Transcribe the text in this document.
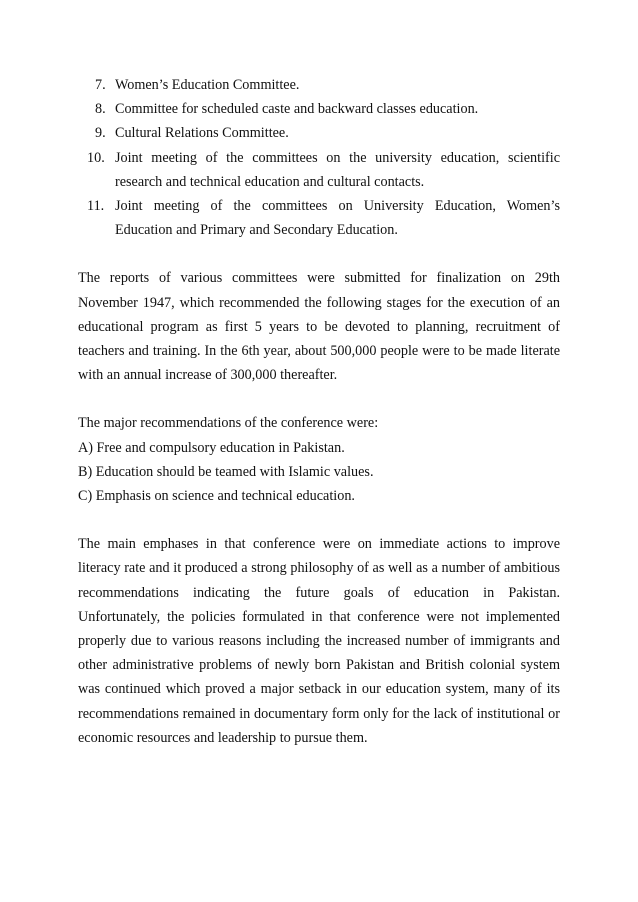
7. Women’s Education Committee.
8. Committee for scheduled caste and backward classes education.
9. Cultural Relations Committee.
10. Joint meeting of the committees on the university education, scientific research and technical education and cultural contacts.
11. Joint meeting of the committees on University Education, Women’s Education and Primary and Secondary Education.

The reports of various committees were submitted for finalization on 29th November 1947, which recommended the following stages for the execution of an educational program as first 5 years to be devoted to planning, recruitment of teachers and training. In the 6th year, about 500,000 people were to be made literate with an annual increase of 300,000 thereafter.

The major recommendations of the conference were:

A) Free and compulsory education in Pakistan.
B) Education should be teamed with Islamic values.
C) Emphasis on science and technical education.

The main emphases in that conference were on immediate actions to improve literacy rate and it produced a strong philosophy of as well as a number of ambitious recommendations indicating the future goals of education in Pakistan. Unfortunately, the policies formulated in that conference were not implemented properly due to various reasons including the increased number of immigrants and other administrative problems of newly born Pakistan and British colonial system was continued which proved a major setback in our education system, many of its recommendations remained in documentary form only for the lack of institutional or economic resources and leadership to pursue them.
